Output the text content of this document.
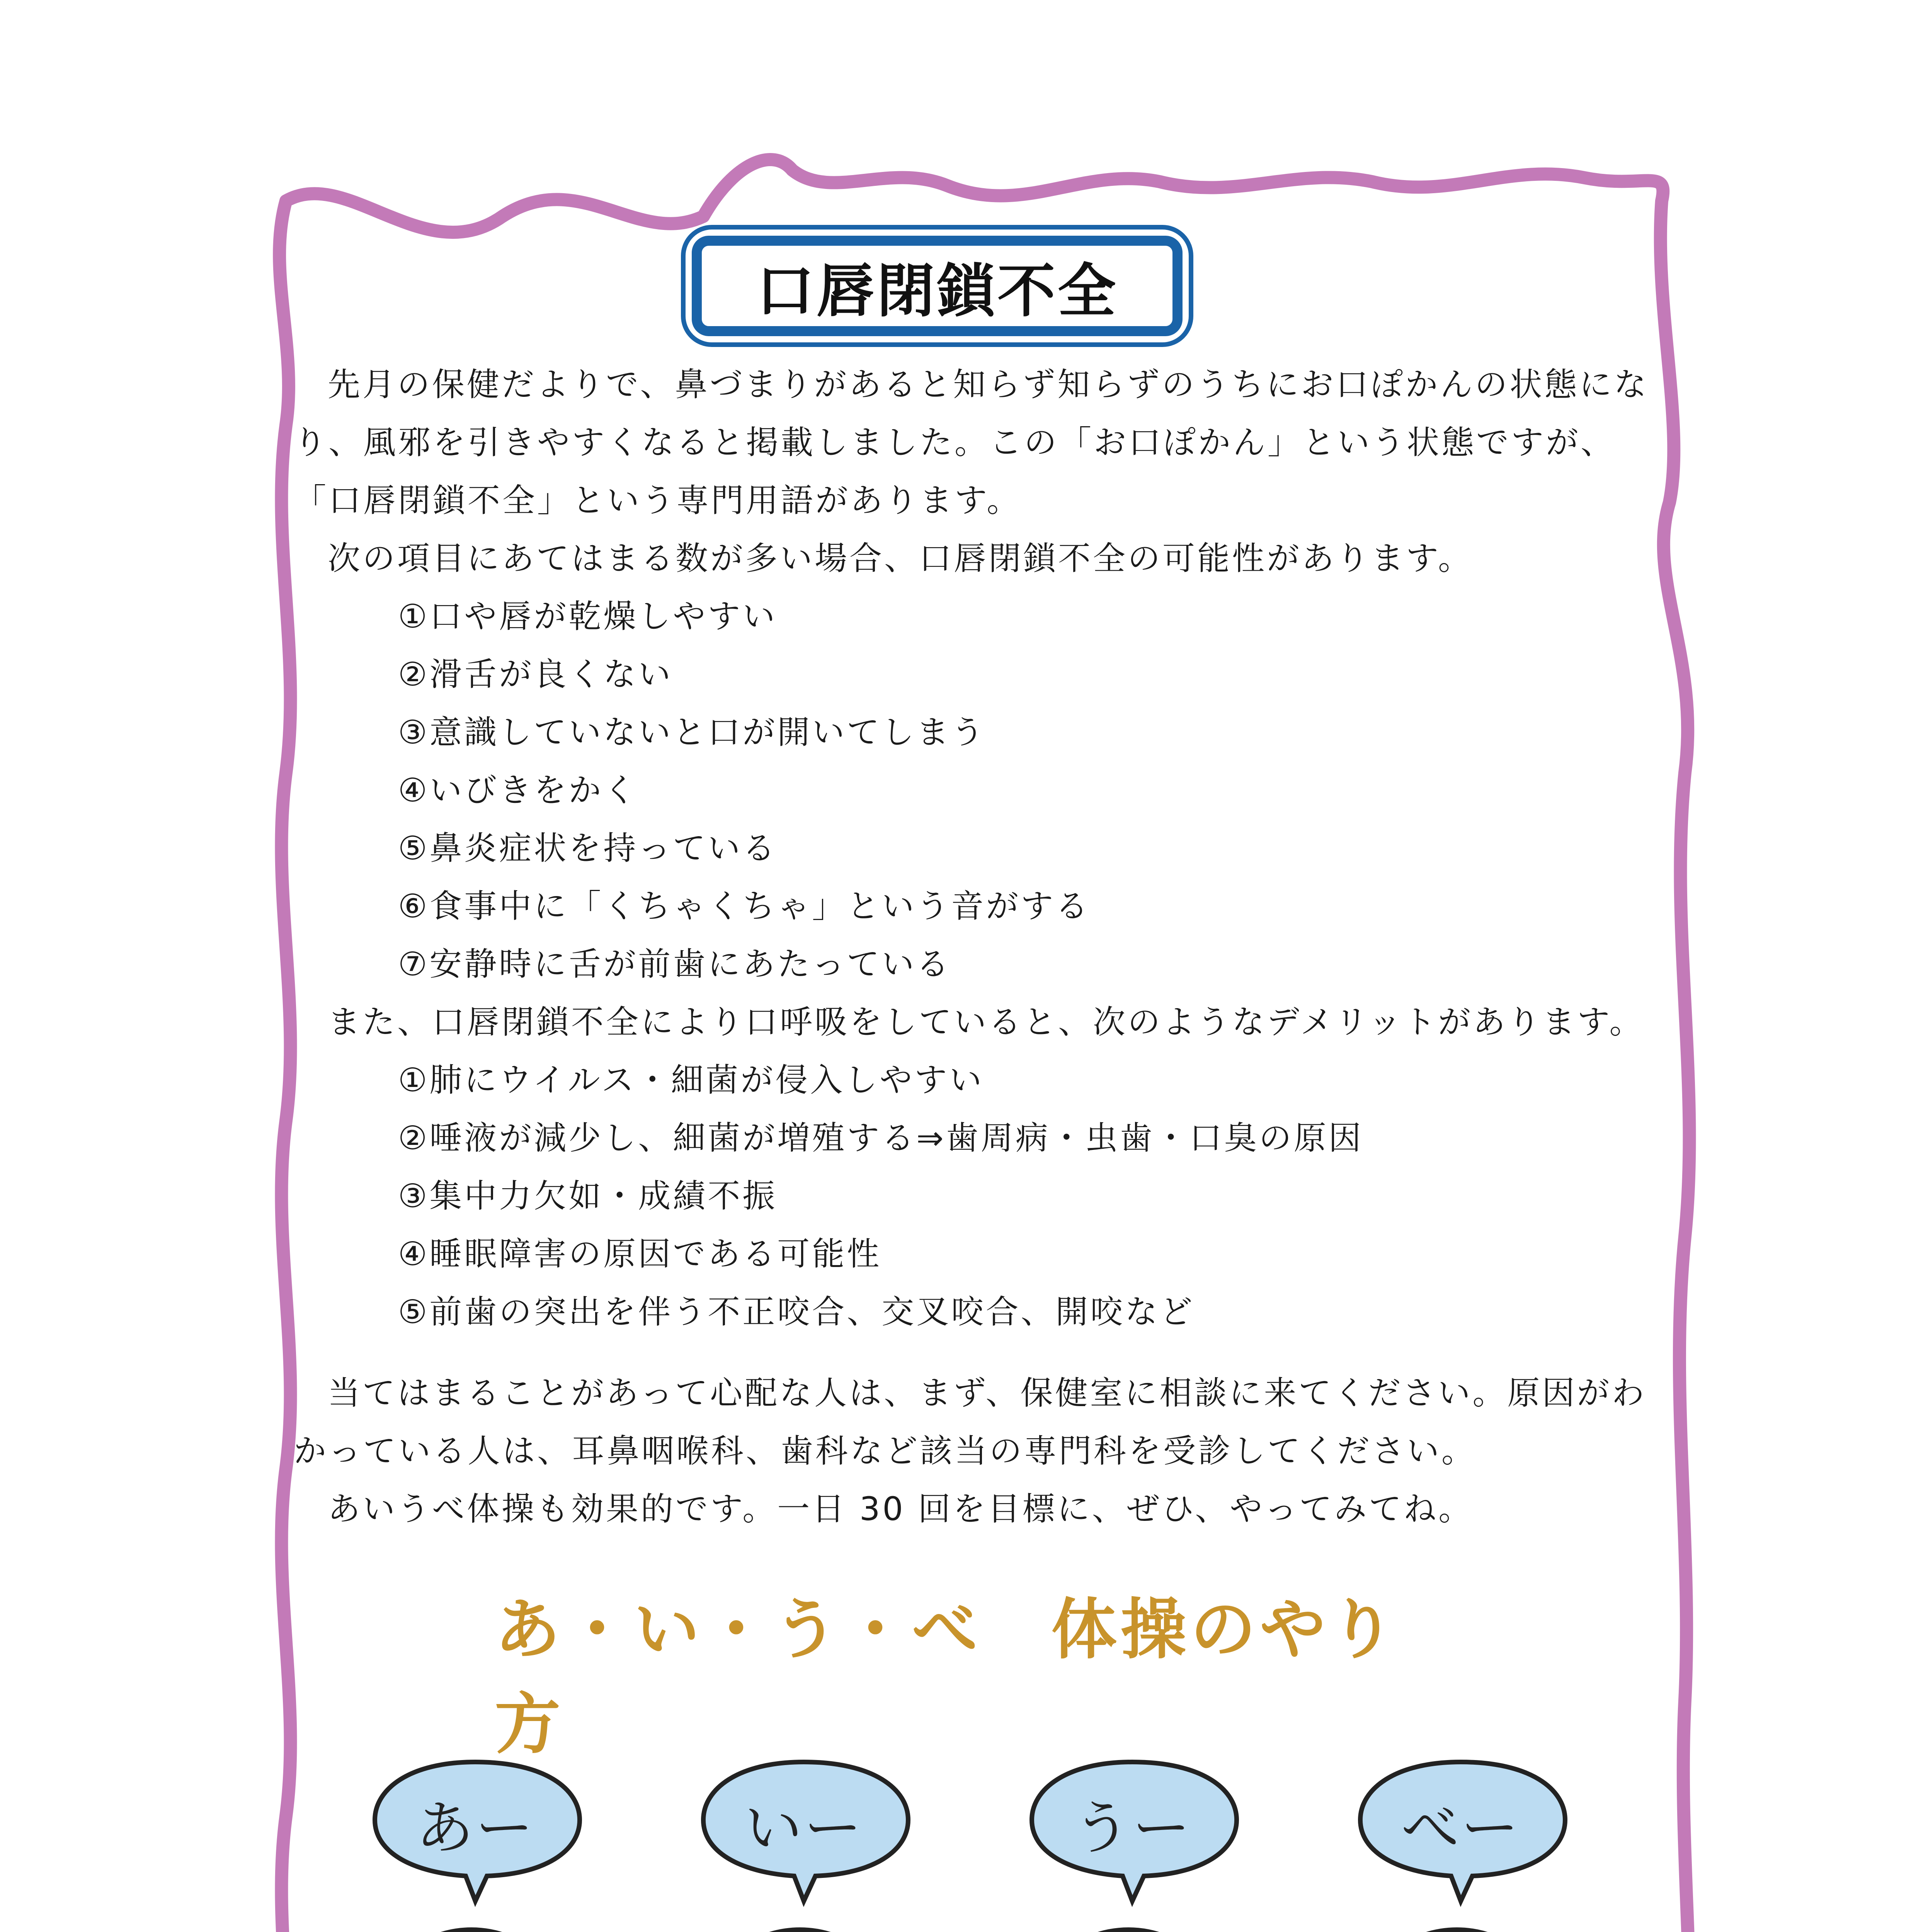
口唇閉鎖不全

先月の保健だよりで、鼻づまりがあると知らず知らずのうちにお口ぽかんの状態になり、風邪を引きやすくなると掲載しました。この「お口ぽかん」という状態ですが、「口唇閉鎖不全」という専門用語があります。

次の項目にあてはまる数が多い場合、口唇閉鎖不全の可能性があります。

①口や唇が乾燥しやすい

②滑舌が良くない

③意識していないと口が開いてしまう

④いびきをかく

⑤鼻炎症状を持っている

⑥食事中に「くちゃくちゃ」という音がする

⑦安静時に舌が前歯にあたっている

また、口唇閉鎖不全により口呼吸をしていると、次のようなデメリットがあります。

①肺にウイルス・細菌が侵入しやすい

②唾液が減少し、細菌が増殖する⇒歯周病・虫歯・口臭の原因

③集中力欠如・成績不振

④睡眠障害の原因である可能性

⑤前歯の突出を伴う不正咬合、交叉咬合、開咬など

当てはまることがあって心配な人は、まず、保健室に相談に来てください。原因がわかっている人は、耳鼻咽喉科、歯科など該当の専門科を受診してください。

あいうべ体操も効果的です。一日 30 回を目標に、ぜひ、やってみてね。

あ・い・う・べ　体操のやり方
あー	いー	うー	べー
